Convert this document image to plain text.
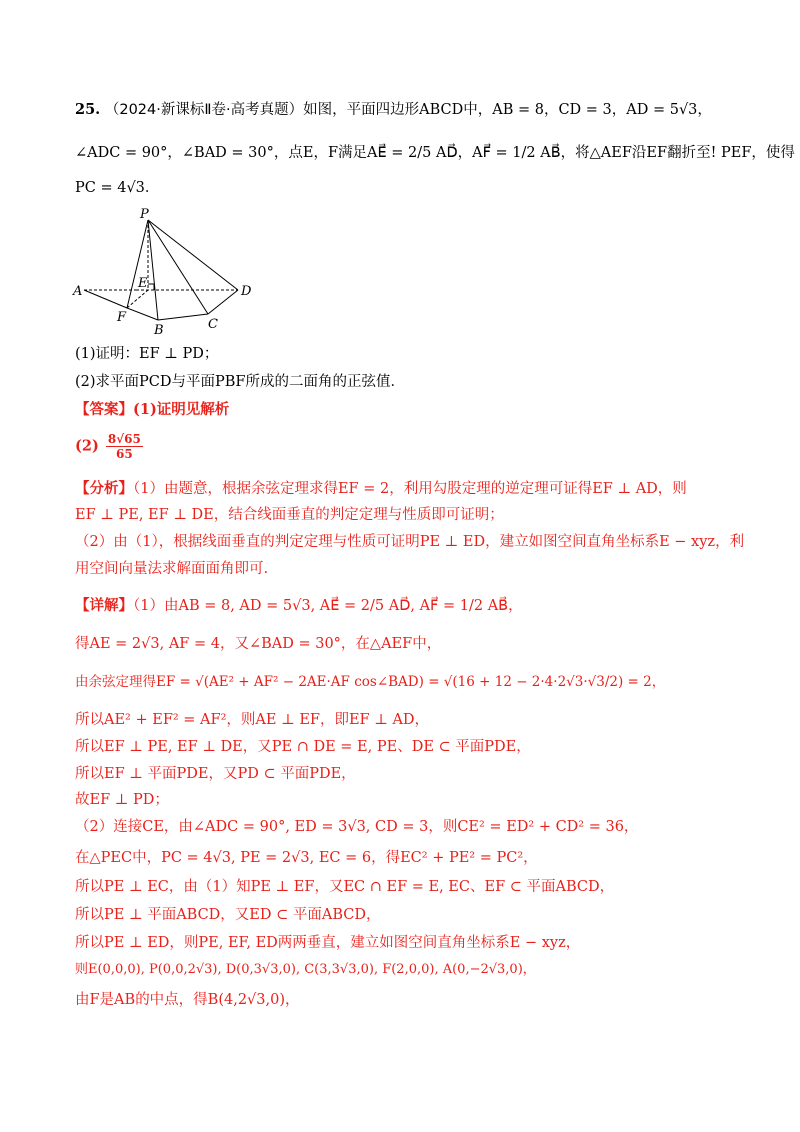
25. （2024·新课标Ⅱ卷·高考真题）如图，平面四边形ABCD中，AB = 8，CD = 3，AD = 5√3，
∠ADC = 90°，∠BAD = 30°，点E，F满足AE⃗ = 2/5 AD⃗，AF⃗ = 1/2 AB⃗，将△AEF沿EF翻折至! PEF，使得
PC = 4√3．
P
A
E
D
F
B	C
(1)证明：EF ⊥ PD；
(2)求平面PCD与平面PBF所成的二面角的正弦值．
【答案】(1)证明见解析
$(2) \frac{8√65}{65}$
【分析】（1）由题意，根据余弦定理求得EF = 2，利用勾股定理的逆定理可证得EF ⊥ AD，则
EF ⊥ PE, EF ⊥ DE，结合线面垂直的判定定理与性质即可证明；
（2）由（1），根据线面垂直的判定定理与性质可证明PE ⊥ ED，建立如图空间直角坐标系E − xyz，利
用空间向量法求解面面角即可.
【详解】（1）由AB = 8, AD = 5√3, AE⃗ = 2/5 AD⃗, AF⃗ = 1/2 AB⃗，
得AE = 2√3, AF = 4，又∠BAD = 30°，在△AEF中，
由余弦定理得EF = √(AE² + AF² − 2AE·AF cos∠BAD) = √(16 + 12 − 2·4·2√3·√3/2) = 2，
所以AE² + EF² = AF²，则AE ⊥ EF，即EF ⊥ AD，
所以EF ⊥ PE, EF ⊥ DE，又PE ∩ DE = E, PE、DE ⊂ 平面PDE，
所以EF ⊥ 平面PDE，又PD ⊂ 平面PDE，
故EF ⊥ PD；
（2）连接CE，由∠ADC = 90°, ED = 3√3, CD = 3，则CE² = ED² + CD² = 36，
在△PEC中，PC = 4√3, PE = 2√3, EC = 6，得EC² + PE² = PC²，
所以PE ⊥ EC，由（1）知PE ⊥ EF，又EC ∩ EF = E, EC、EF ⊂ 平面ABCD，
所以PE ⊥ 平面ABCD，又ED ⊂ 平面ABCD，
所以PE ⊥ ED，则PE, EF, ED两两垂直，建立如图空间直角坐标系E − xyz，
则E(0,0,0), P(0,0,2√3), D(0,3√3,0), C(3,3√3,0), F(2,0,0), A(0,−2√3,0)，
由F是AB的中点，得B(4,2√3,0)，
